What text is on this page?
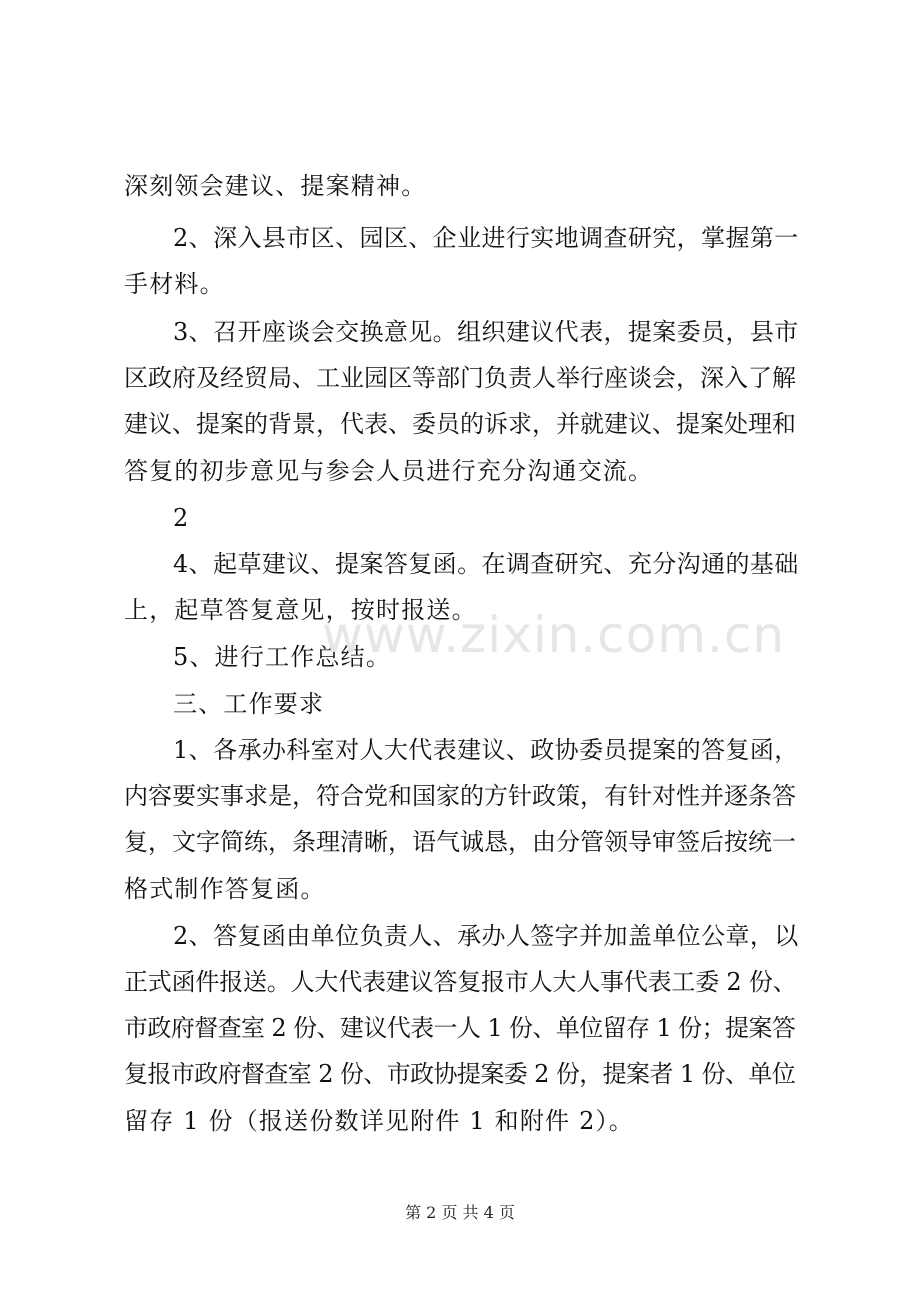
深刻领会建议、提案精神。
2、深入县市区、园区、企业进行实地调查研究，掌握第一
手材料。
3、召开座谈会交换意见。组织建议代表，提案委员，县市
区政府及经贸局、工业园区等部门负责人举行座谈会，深入了解
建议、提案的背景，代表、委员的诉求，并就建议、提案处理和
答复的初步意见与参会人员进行充分沟通交流。
2
4、起草建议、提案答复函。在调查研究、充分沟通的基础
上，起草答复意见，按时报送。
5、进行工作总结。
三、工作要求
1、各承办科室对人大代表建议、政协委员提案的答复函，
内容要实事求是，符合党和国家的方针政策，有针对性并逐条答
复，文字简练，条理清晰，语气诚恳，由分管领导审签后按统一
格式制作答复函。
2、答复函由单位负责人、承办人签字并加盖单位公章，以
正式函件报送。人大代表建议答复报市人大人事代表工委 2 份、
市政府督查室 2 份、建议代表一人 1 份、单位留存 1 份；提案答
复报市政府督查室 2 份、市政协提案委 2 份，提案者 1 份、单位
留存 1 份（报送份数详见附件 1 和附件 2）。
www.zixin.com.cn
第 2 页 共 4 页
